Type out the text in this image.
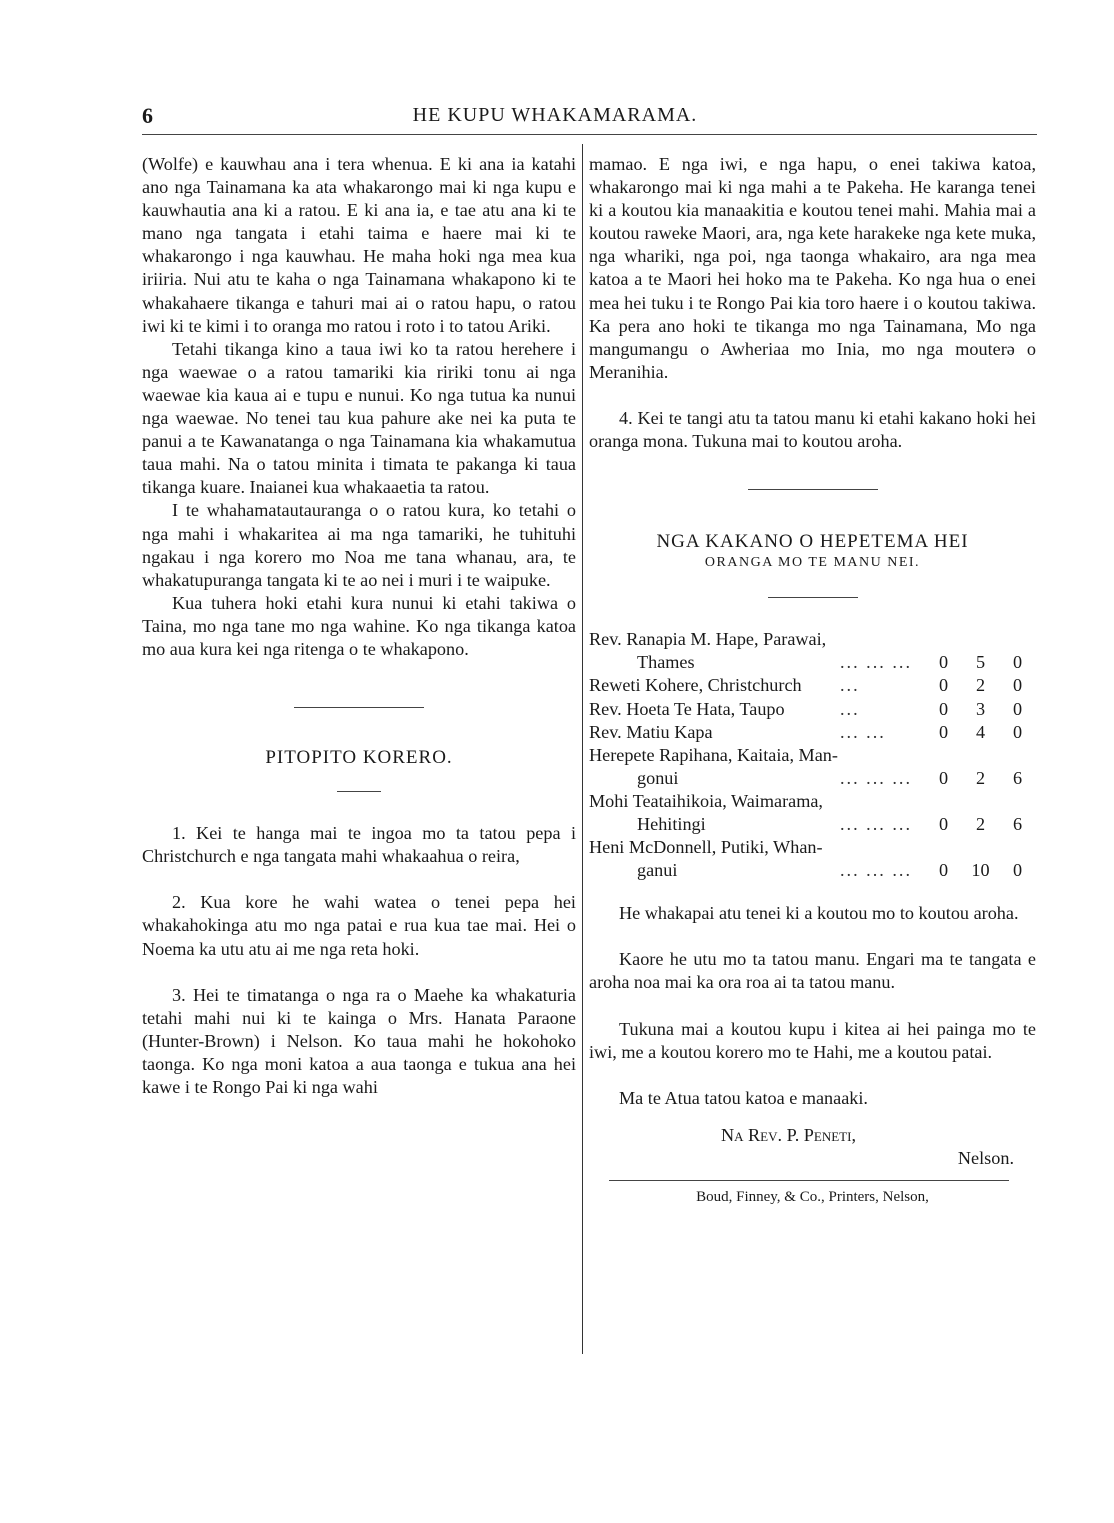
6	HE KUPU WHAKAMARAMA.

(Wolfe) e kauwhau ana i tera whenua. E ki ana ia katahi ano nga Tainamana ka ata whakarongo mai ki nga kupu e kauwhautia ana ki a ratou. E ki ana ia, e tae atu ana ki te mano nga tangata i etahi taima e haere mai ki te whakarongo i nga kauwhau. He maha hoki nga mea kua iriiria. Nui atu te kaha o nga Tainamana whakapono ki te whakahaere tikanga e tahuri mai ai o ratou hapu, o ratou iwi ki te kimi i to oranga mo ratou i roto i to tatou Ariki.

Tetahi tikanga kino a taua iwi ko ta ratou herehere i nga waewae o a ratou tamariki kia ririki tonu ai nga waewae kia kaua ai e tupu e nunui. Ko nga tutua ka nunui nga waewae. No tenei tau kua pahure ake nei ka puta te panui a te Kawanatanga o nga Tainamana kia whakamutua taua mahi. Na o tatou minita i timata te pakanga ki taua tikanga kuare. Inaianei kua whakaaetia ta ratou.

I te whahamatautauranga o o ratou kura, ko tetahi o nga mahi i whakaritea ai ma nga tamariki, he tuhituhi ngakau i nga korero mo Noa me tana whanau, ara, te whakatupuranga tangata ki te ao nei i muri i te waipuke.

Kua tuhera hoki etahi kura nunui ki etahi takiwa o Taina, mo nga tane mo nga wahine. Ko nga tikanga katoa mo aua kura kei nga ritenga o te whakapono.

PITOPITO KORERO.

1. Kei te hanga mai te ingoa mo ta tatou pepa i Christchurch e nga tangata mahi whakaahua o reira,

2. Kua kore he wahi watea o tenei pepa hei whakahokinga atu mo nga patai e rua kua tae mai. Hei o Noema ka utu atu ai me nga reta hoki.

3. Hei te timatanga o nga ra o Maehe ka whakaturia tetahi mahi nui ki te kainga o Mrs. Hanata Paraone (Hunter-Brown) i Nelson. Ko taua mahi he hokohoko taonga. Ko nga moni katoa a aua taonga e tukua ana hei kawe i te Rongo Pai ki nga wahi

mamao. E nga iwi, e nga hapu, o enei takiwa katoa, whakarongo mai ki nga mahi a te Pakeha. He karanga tenei ki a koutou kia manaakitia e koutou tenei mahi. Mahia mai a koutou raweke Maori, ara, nga kete harakeke nga kete muka, nga whariki, nga poi, nga taonga whakairo, ara nga mea katoa a te Maori hei hoko ma te Pakeha. Ko nga hua o enei mea hei tuku i te Rongo Pai kia toro haere i o koutou takiwa. Ka pera ano hoki te tikanga mo nga Tainamana, Mo nga mangumangu o Awheriaa mo Inia, mo nga mouterə o Meranihia.

4. Kei te tangi atu ta tatou manu ki etahi kakano hoki hei oranga mona. Tukuna mai to koutou aroha.

NGA KAKANO O HEPETEMA HEI
ORANGA MO TE MANU NEI.
Rev. Ranapia M. Hape, Parawai,				
Thames	... ... ...	0	5	0
Reweti Kohere, Christchurch	...	0	2	0
Rev. Hoeta Te Hata, Taupo	...	0	3	0
Rev. Matiu Kapa	... ...	0	4	0
Herepete Rapihana, Kaitaia, Man-				
gonui	... ... ...	0	2	6
Mohi Teataihikoia, Waimarama,				
Hehitingi	... ... ...	0	2	6
Heni McDonnell, Putiki, Whan-				
ganui	... ... ...	0	10	0

He whakapai atu tenei ki a koutou mo to koutou aroha.

Kaore he utu mo ta tatou manu. Engari ma te tangata e aroha noa mai ka ora roa ai ta tatou manu.

Tukuna mai a koutou kupu i kitea ai hei painga mo te iwi, me a koutou korero mo te Hahi, me a koutou patai.

Ma te Atua tatou katoa e manaaki.

Na Rev. P. Peneti,
Nelson.
Boud, Finney, & Co., Printers, Nelson,
